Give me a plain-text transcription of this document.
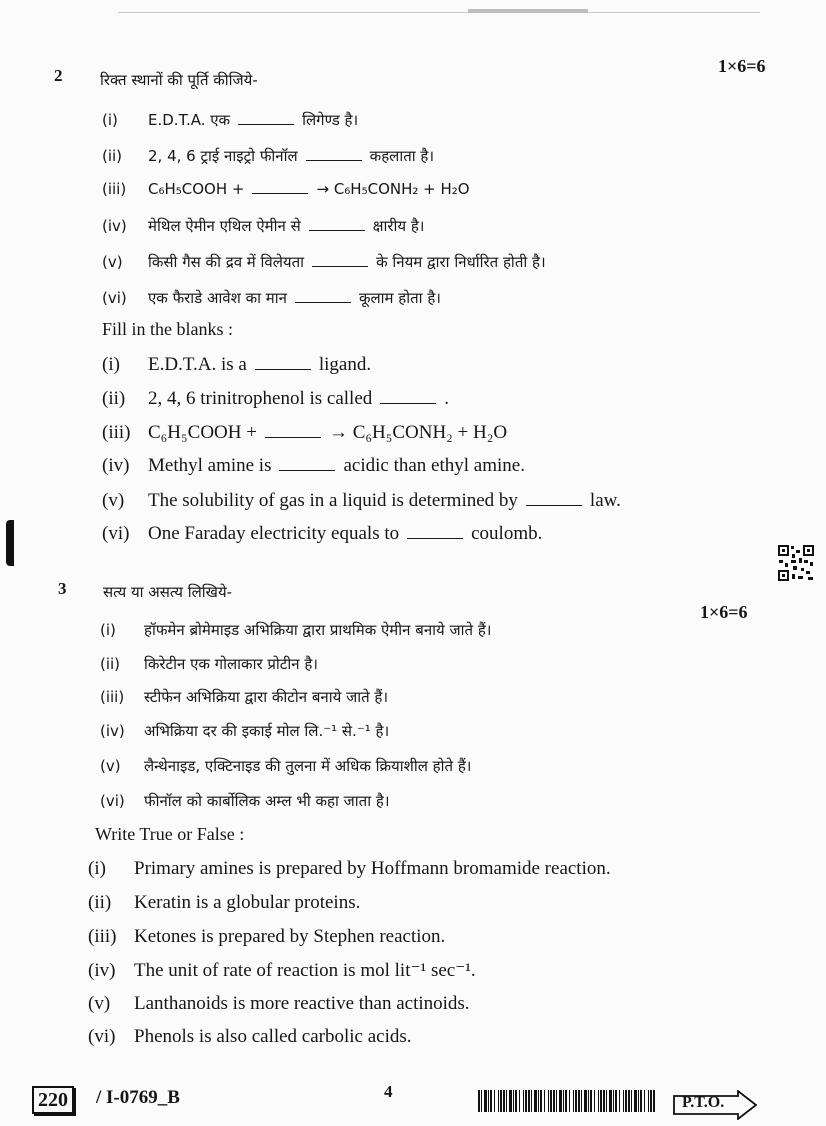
2	1×6=6
रिक्त स्थानों की पूर्ति कीजिये-
(i)	E.D.T.A. एक	लिगेण्ड है।
(ii)	2, 4, 6 ट्राई नाइट्रो फीनॉल	कहलाता है।
(iii)	C₆H₅COOH +	→ C₆H₅CONH₂ + H₂O
(iv)	मेथिल ऐमीन एथिल ऐमीन से	क्षारीय है।
(v)	किसी गैस की द्रव में विलेयता	के नियम द्वारा निर्धारित होती है।
(vi)	एक फैराडे आवेश का मान	कूलाम होता है।
Fill in the blanks :
(i)	E.D.T.A. is a	ligand.
(ii)	2, 4, 6 trinitrophenol is called	.
(iii) C₆H₅COOH +	→ C₆H₅CONH₂ + H₂O
(iv) Methyl amine is	acidic than ethyl amine.
(v)	The solubility of gas in a liquid is determined by	law.
(vi) One Faraday electricity equals to	coulomb.
3 सत्य या असत्य लिखिये-
1×6=6
(i)	हॉफमेन ब्रोमेमाइड अभिक्रिया द्वारा प्राथमिक ऐमीन बनाये जाते हैं।
(ii)	किरेटीन एक गोलाकार प्रोटीन है।
(iii)	स्टीफेन अभिक्रिया द्वारा कीटोन बनाये जाते हैं।
(iv)	अभिक्रिया दर की इकाई मोल लि.⁻¹ से.⁻¹ है।
(v)	लैन्थेनाइड, एक्टिनाइड की तुलना में अधिक क्रियाशील होते हैं।
(vi)	फीनॉल को कार्बोलिक अम्ल भी कहा जाता है।
Write True or False :
(i)	Primary amines is prepared by Hoffmann bromamide reaction.
(ii)	Keratin is a globular proteins.
(iii) Ketones is prepared by Stephen reaction.
(iv) The unit of rate of reaction is mol lit⁻¹ sec⁻¹.
(v)	Lanthanoids is more reactive than actinoids.
(vi) Phenols is also called carbolic acids.
220	/ I-0769_B	4
P.T.O.
